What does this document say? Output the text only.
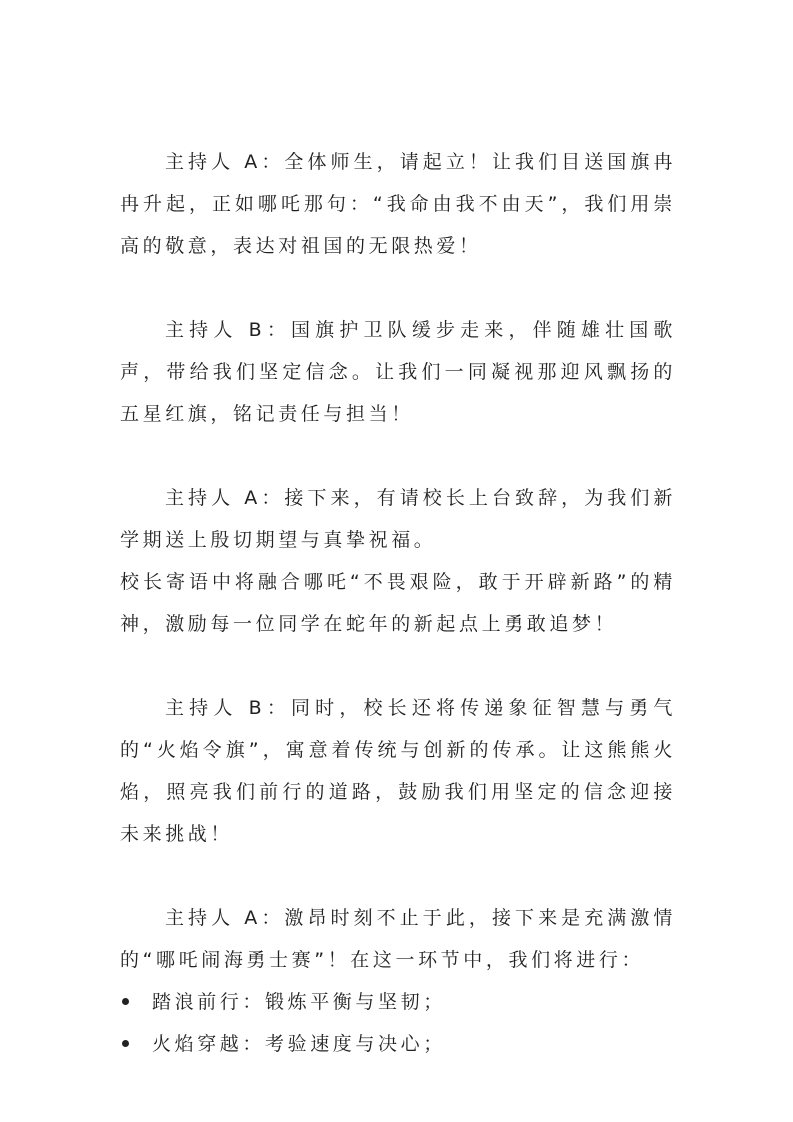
主持人 A：全体师生，请起立！让我们目送国旗冉冉升起，正如哪吒那句：“我命由我不由天”，我们用崇高的敬意，表达对祖国的无限热爱！

主持人 B：国旗护卫队缓步走来，伴随雄壮国歌声，带给我们坚定信念。让我们一同凝视那迎风飘扬的五星红旗，铭记责任与担当！

主持人 A：接下来，有请校长上台致辞，为我们新学期送上殷切期望与真挚祝福。

校长寄语中将融合哪吒“不畏艰险，敢于开辟新路”的精神，激励每一位同学在蛇年的新起点上勇敢追梦！

主持人 B：同时，校长还将传递象征智慧与勇气的“火焰令旗”，寓意着传统与创新的传承。让这熊熊火焰，照亮我们前行的道路，鼓励我们用坚定的信念迎接未来挑战！

主持人 A：激昂时刻不止于此，接下来是充满激情的“哪吒闹海勇士赛”！在这一环节中，我们将进行：

踏浪前行：锻炼平衡与坚韧；
火焰穿越：考验速度与决心；
